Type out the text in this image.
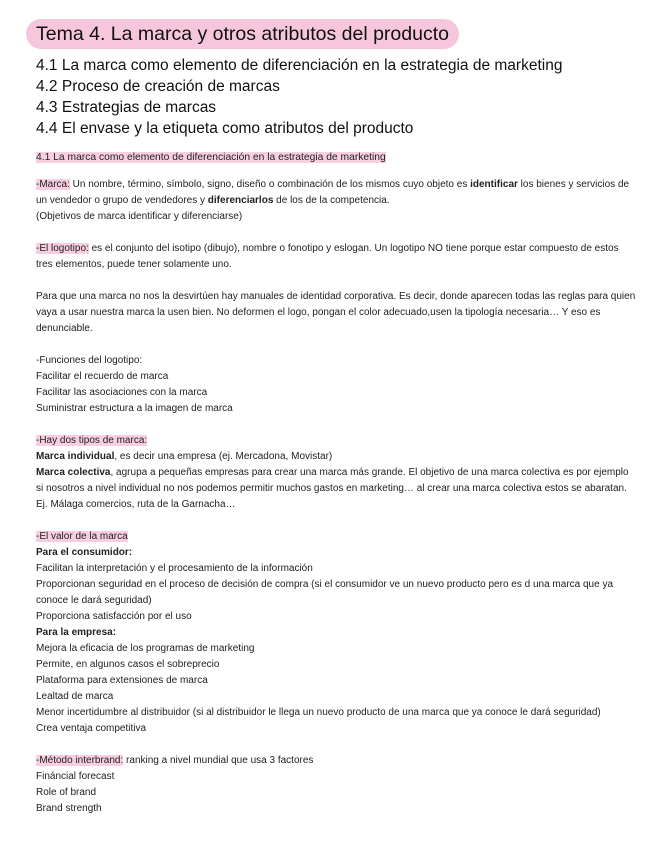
Tema 4. La marca y otros atributos del producto
4.1 La marca como elemento de diferenciación en la estrategia de marketing
4.2 Proceso de creación de marcas
4.3 Estrategias de marcas
4.4 El envase y la etiqueta como atributos del producto

4.1 La marca como elemento de diferenciación en la estrategia de marketing

-Marca: Un nombre, término, símbolo, signo, diseño o combinación de los mismos cuyo objeto es identificar los bienes y servicios de un vendedor o grupo de vendedores y diferenciarlos de los de la competencia.

(Objetivos de marca identificar y diferenciarse)

-El logotipo: es el conjunto del isotipo (dibujo), nombre o fonotipo y eslogan. Un logotipo NO tiene porque estar compuesto de estos tres elementos, puede tener solamente uno.

Para que una marca no nos la desvirtúen hay manuales de identidad corporativa. Es decir, donde aparecen todas las reglas para quien vaya a usar nuestra marca la usen bien. No deformen el logo, pongan el color adecuado,usen la tipología necesaria… Y eso es denunciable.

-Funciones del logotipo:

Facilitar el recuerdo de marca

Facilitar las asociaciones con la marca

Suministrar estructura a la imagen de marca

-Hay dos tipos de marca:

Marca individual, es decir una empresa (ej. Mercadona, Movistar)

Marca colectiva, agrupa a pequeñas empresas para crear una marca más grande. El objetivo de una marca colectiva es por ejemplo si nosotros a nivel individual no nos podemos permitir muchos gastos en marketing… al crear una marca colectiva estos se abaratan. Ej. Málaga comercios, ruta de la Garnacha…

-El valor de la marca

Para el consumidor:

Facilitan la interpretación y el procesamiento de la información

Proporcionan seguridad en el proceso de decisión de compra (si el consumidor ve un nuevo producto pero es d una marca que ya conoce le dará seguridad)

Proporciona satisfacción por el uso

Para la empresa:

Mejora la eficacia de los programas de marketing

Permite, en algunos casos el sobreprecio

Plataforma para extensiones de marca

Lealtad de marca

Menor incertidumbre al distribuidor (si al distribuidor le llega un nuevo producto de una marca que ya conoce le dará seguridad)

Crea ventaja competitiva

-Método interbrand: ranking a nivel mundial que usa 3 factores

Fináncial forecast

Role of brand

Brand strength
